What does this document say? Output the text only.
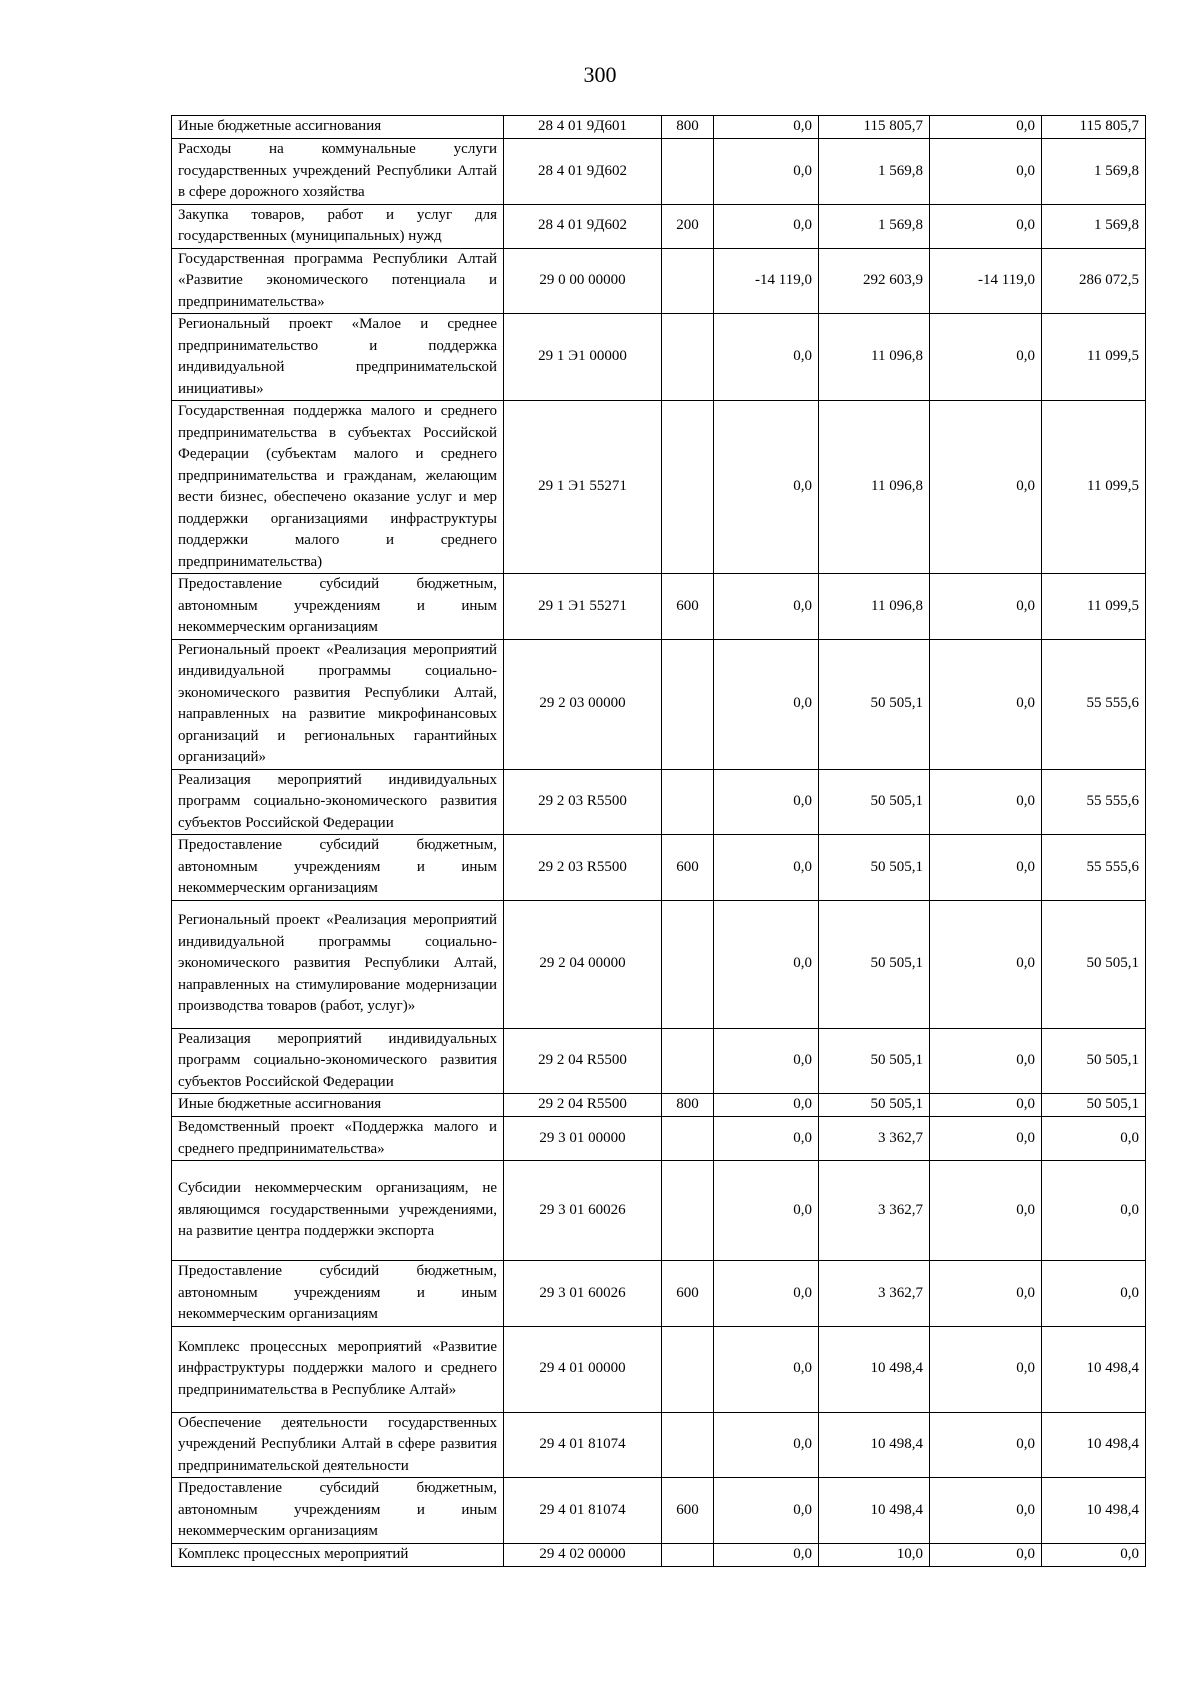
300
Иные бюджетные ассигнования	28 4 01 9Д601	800	0,0	115 805,7	0,0	115 805,7
Расходы на коммунальные услуги государственных учреждений Республики Алтай в сфере дорожного хозяйства	28 4 01 9Д602		0,0	1 569,8	0,0	1 569,8
Закупка товаров, работ и услуг для государственных (муниципальных) нужд	28 4 01 9Д602	200	0,0	1 569,8	0,0	1 569,8
Государственная программа Республики Алтай «Развитие экономического потенциала и предпринимательства»	29 0 00 00000		-14 119,0	292 603,9	-14 119,0	286 072,5
Региональный проект «Малое и среднее предпринимательство и поддержка индивидуальной предпринимательской инициативы»	29 1 Э1 00000		0,0	11 096,8	0,0	11 099,5
Государственная поддержка малого и среднего предпринимательства в субъектах Российской Федерации (субъектам малого и среднего предпринимательства и гражданам, желающим вести бизнес, обеспечено оказание услуг и мер поддержки организациями инфраструктуры поддержки малого и среднего предпринимательства)	29 1 Э1 55271		0,0	11 096,8	0,0	11 099,5
Предоставление субсидий бюджетным, автономным учреждениям и иным некоммерческим организациям	29 1 Э1 55271	600	0,0	11 096,8	0,0	11 099,5
Региональный проект «Реализация мероприятий индивидуальной программы социально-экономического развития Республики Алтай, направленных на развитие микрофинансовых организаций и региональных гарантийных организаций»	29 2 03 00000		0,0	50 505,1	0,0	55 555,6
Реализация мероприятий индивидуальных программ социально-экономического развития субъектов Российской Федерации	29 2 03 R5500		0,0	50 505,1	0,0	55 555,6
Предоставление субсидий бюджетным, автономным учреждениям и иным некоммерческим организациям	29 2 03 R5500	600	0,0	50 505,1	0,0	55 555,6
Региональный проект «Реализация мероприятий индивидуальной программы социально-экономического развития Республики Алтай, направленных на стимулирование модернизации производства товаров (работ, услуг)»	29 2 04 00000		0,0	50 505,1	0,0	50 505,1
Реализация мероприятий индивидуальных программ социально-экономического развития субъектов Российской Федерации	29 2 04 R5500		0,0	50 505,1	0,0	50 505,1
Иные бюджетные ассигнования	29 2 04 R5500	800	0,0	50 505,1	0,0	50 505,1
Ведомственный проект «Поддержка малого и среднего предпринимательства»	29 3 01 00000		0,0	3 362,7	0,0	0,0
Субсидии некоммерческим организациям, не являющимся государственными учреждениями, на развитие центра поддержки экспорта	29 3 01 60026		0,0	3 362,7	0,0	0,0
Предоставление субсидий бюджетным, автономным учреждениям и иным некоммерческим организациям	29 3 01 60026	600	0,0	3 362,7	0,0	0,0
Комплекс процессных мероприятий «Развитие инфраструктуры поддержки малого и среднего предпринимательства в Республике Алтай»	29 4 01 00000		0,0	10 498,4	0,0	10 498,4
Обеспечение деятельности государственных учреждений Республики Алтай в сфере развития предпринимательской деятельности	29 4 01 81074		0,0	10 498,4	0,0	10 498,4
Предоставление субсидий бюджетным, автономным учреждениям и иным некоммерческим организациям	29 4 01 81074	600	0,0	10 498,4	0,0	10 498,4
Комплекс процесcных мероприятий	29 4 02 00000		0,0	10,0	0,0	0,0
